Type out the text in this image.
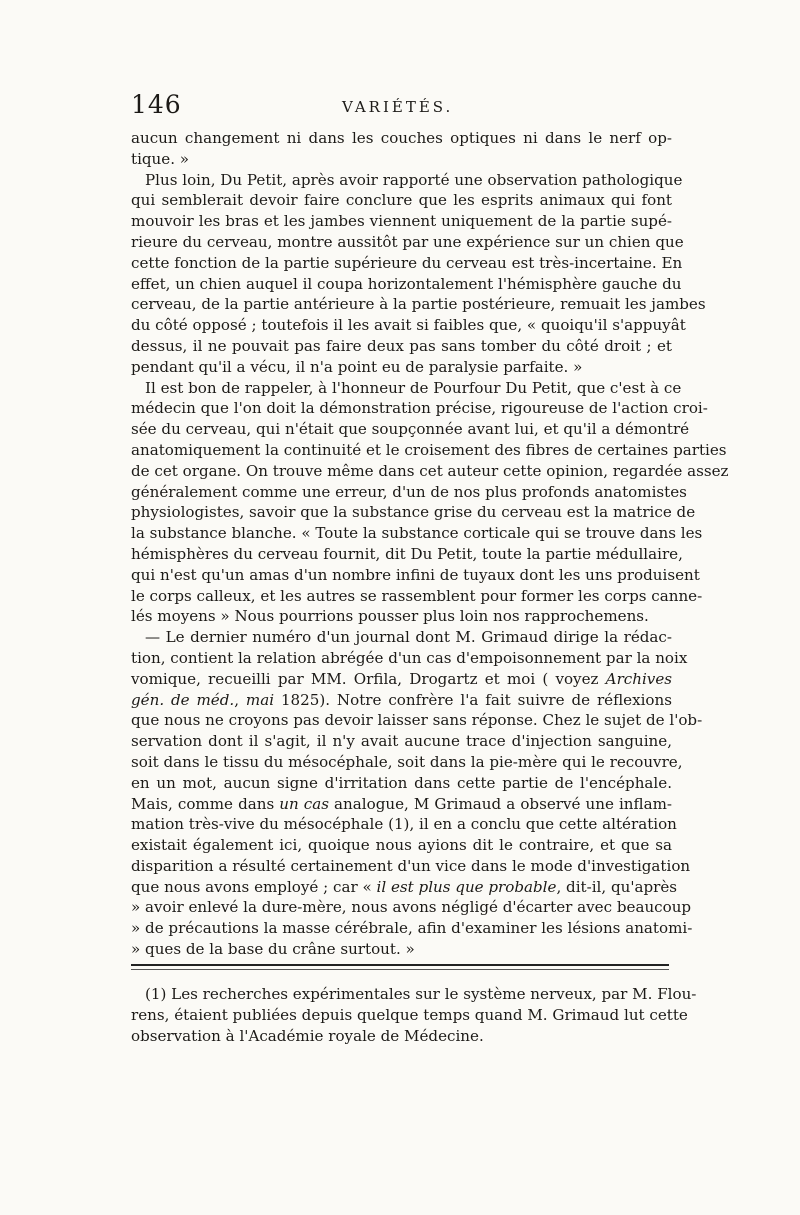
146	VARIÉTÉS.
aucun changement ni dans les couches optiques ni dans le nerf op-
tique. »
Plus loin, Du Petit, après avoir rapporté une observation pathologique
qui semblerait devoir faire conclure que les esprits animaux qui font
mouvoir les bras et les jambes viennent uniquement de la partie supé-
rieure du cerveau, montre aussitôt par une expérience sur un chien que
cette fonction de la partie supérieure du cerveau est très-incertaine. En
effet, un chien auquel il coupa horizontalement l'hémisphère gauche du
cerveau, de la partie antérieure à la partie postérieure, remuait les jambes
du côté opposé ; toutefois il les avait si faibles que, « quoiqu'il s'appuyât
dessus, il ne pouvait pas faire deux pas sans tomber du côté droit ; et
pendant qu'il a vécu, il n'a point eu de paralysie parfaite. »
Il est bon de rappeler, à l'honneur de Pourfour Du Petit, que c'est à ce
médecin que l'on doit la démonstration précise, rigoureuse de l'action croi-
sée du cerveau, qui n'était que soupçonnée avant lui, et qu'il a démontré
anatomiquement la continuité et le croisement des fibres de certaines parties
de cet organe. On trouve même dans cet auteur cette opinion, regardée assez
généralement comme une erreur, d'un de nos plus profonds anatomistes
physiologistes, savoir que la substance grise du cerveau est la matrice de
la substance blanche. « Toute la substance corticale qui se trouve dans les
hémisphères du cerveau fournit, dit Du Petit, toute la partie médullaire,
qui n'est qu'un amas d'un nombre infini de tuyaux dont les uns produisent
le corps calleux, et les autres se rassemblent pour former les corps canne-
lés moyens » Nous pourrions pousser plus loin nos rapprochemens.
— Le dernier numéro d'un journal dont M. Grimaud dirige la rédac-
tion, contient la relation abrégée d'un cas d'empoisonnement par la noix
vomique, recueilli par MM. Orfila, Drogartz et moi ( voyez Archives
gén. de méd., mai 1825). Notre confrère l'a fait suivre de réflexions
que nous ne croyons pas devoir laisser sans réponse. Chez le sujet de l'ob-
servation dont il s'agit, il n'y avait aucune trace d'injection sanguine,
soit dans le tissu du mésocéphale, soit dans la pie-mère qui le recouvre,
en un mot, aucun signe d'irritation dans cette partie de l'encéphale.
Mais, comme dans un cas analogue, M Grimaud a observé une inflam-
mation très-vive du mésocéphale (1), il en a conclu que cette altération
existait également ici, quoique nous ayions dit le contraire, et que sa
disparition a résulté certainement d'un vice dans le mode d'investigation
que nous avons employé ; car « il est plus que probable, dit-il, qu'après
» avoir enlevé la dure-mère, nous avons négligé d'écarter avec beaucoup
» de précautions la masse cérébrale, afin d'examiner les lésions anatomi-
» ques de la base du crâne surtout. »
(1) Les recherches expérimentales sur le système nerveux, par M. Flou-
rens, étaient publiées depuis quelque temps quand M. Grimaud lut cette
observation à l'Académie royale de Médecine.
